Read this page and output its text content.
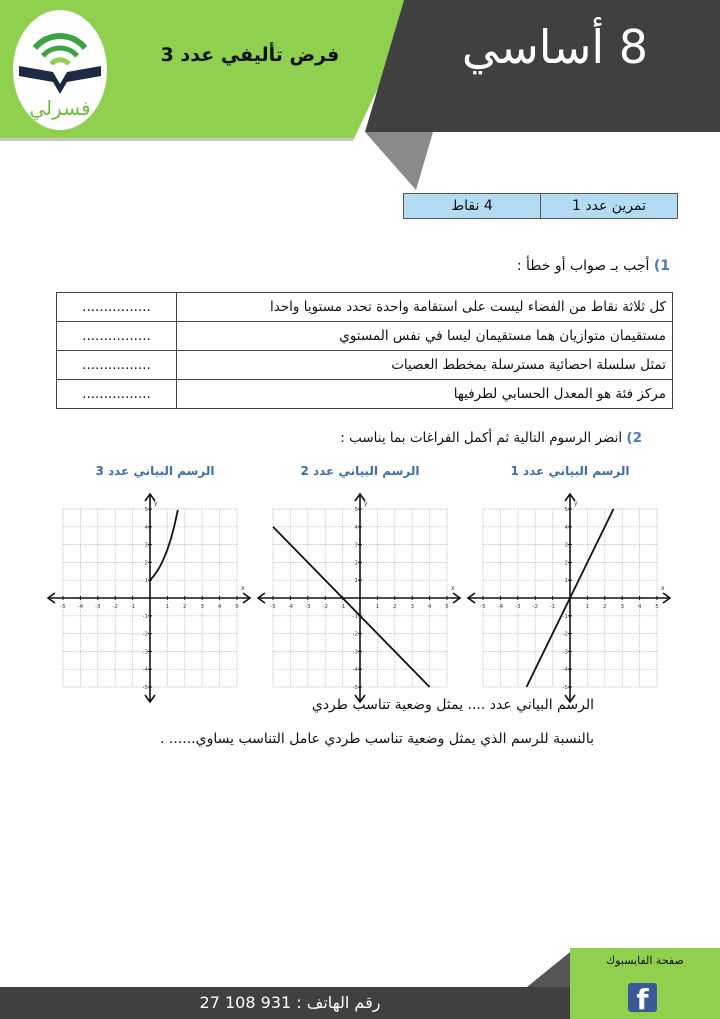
فسرلي
فرض تأليفي عدد 3	8 أساسي
تمرين عدد 1
4 نقاط
1) أجب بـ صواب أو خطأ :
................	كل ثلاثة نقاط من الفضاء ليست على استقامة واحدة تحدد مستويا واحدا
................	مستقيمان متوازيان هما مستقيمان ليسا في نفس المستوي
................	تمثل سلسلة احصائية مسترسلة بمخطط العصيات
................	مركز فئة هو المعدل الحسابي لطرفيها
2) انضر الرسوم التالية ثم أكمل الفراغات بما يناسب :
الرسم البياني عدد 1
الرسم البياني عدد 2
الرسم البياني عدد 3
x
y
-5
-5
-4
-4
-3
-3
-2
-2
-1
-1
1
1
2
2
3
3
4
4
5
5
x
y
-5
-5
-4
-4
-3
-3
-2
-2
-1
-1
1
1
2
2
3
3
4
4
5
5
x
y
-5
-5
-4
-4
-3
-3
-2
-2
-1
-1
1
1
2
2
3
3
4
4
5
5
الرسم البياني عدد .... يمثل وضعية تناسب طردي
بالنسبة للرسم الذي يمثل وضعية تناسب طردي عامل التناسب يساوي...... .
صفحة الفايسبوك
f
رقم الهاتف : 931 108 27
